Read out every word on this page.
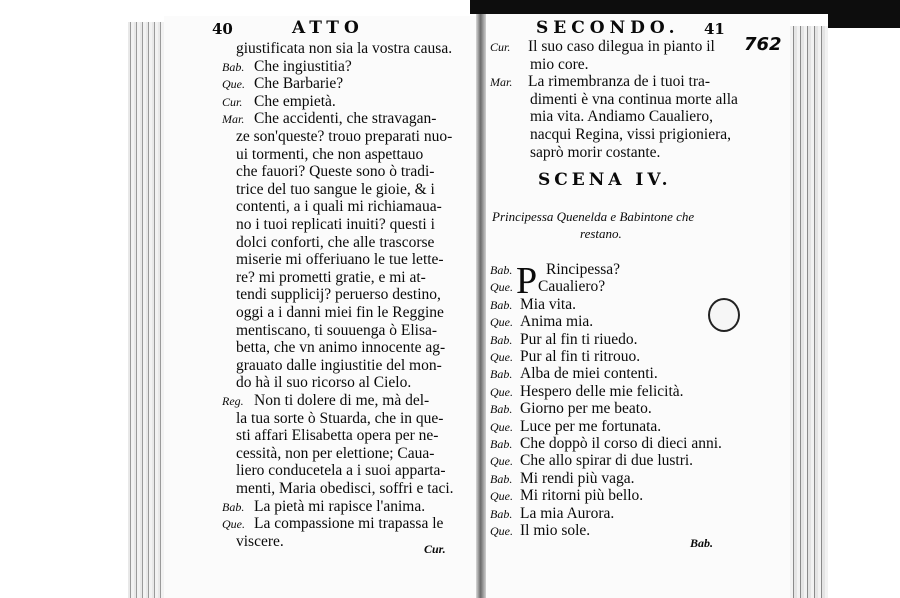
40	ATTO	SECONDO. 41
762
giustificata non sia la vostra causa.
Bab. Che ingiustitia?
Que. Che Barbarie?
Cur. Che empietà.
Mar. Che accidenti, che stravagan-
ze son'queste? trouo preparati nuo-
ui tormenti, che non aspettauo
che fauori? Queste sono ò tradi-
trice del tuo sangue le gioie, & i
contenti, a i quali mi richiamaua-
no i tuoi replicati inuiti? questi i
dolci conforti, che alle trascorse
miserie mi offeriuano le tue lette-
re? mi prometti gratie, e mi at-
tendi supplicij? peruerso destino,
oggi a i danni miei fin le Reggine
mentiscano, ti souuenga ò Elisa-
betta, che vn animo innocente ag-
grauato dalle ingiustitie del mon-
do hà il suo ricorso al Cielo.
Reg. Non ti dolere di me, mà del-
la tua sorte ò Stuarda, che in que-
sti affari Elisabetta opera per ne-
cessità, non per elettione; Caua-
liero conducetela a i suoi apparta-
menti, Maria obedisci, soffri e taci.
Bab. La pietà mi rapisce l'anima.
Que. La compassione mi trapassa le
viscere.	Cur.
Cur. Il suo caso dilegua in pianto il
mio core.
Mar. La rimembranza de i tuoi tra-
dimenti è vna continua morte alla
mia vita. Andiamo Caualiero,
nacqui Regina, vissi prigioniera,
saprò morir costante.
SCENA IV.
Principessa Quenelda e Babintone che
restano.
P
Bab. Rincipessa?
Que. Caualiero?
Bab. Mia vita.
Que. Anima mia.
Bab. Pur al fin ti riuedo.
Que. Pur al fin ti ritrouo.
Bab. Alba de miei contenti.
Que. Hespero delle mie felicità.
Bab. Giorno per me beato.
Que. Luce per me fortunata.
Bab. Che doppò il corso di dieci anni.
Que. Che allo spirar di due lustri.
Bab. Mi rendi più vaga.
Que. Mi ritorni più bello.
Bab. La mia Aurora.
Que. Il mio sole.
Bab.
